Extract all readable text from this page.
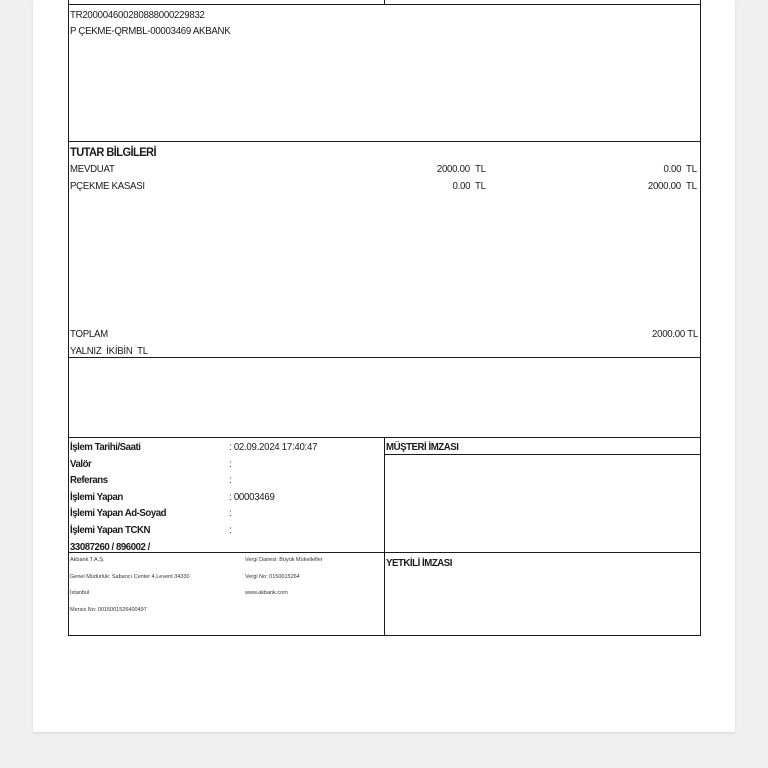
TR200004600280888000229832
P ÇEKME-QRMBL-00003469 AKBANK
TUTAR BİLGİLERİ
MEVDUAT	2000.00 TL	0.00 TL
PÇEKME KASASI	0.00 TL	2000.00 TL
TOPLAM	2000.00 TL
YALNIZ  İKİBİN  TL
İşlem Tarihi/Saati	: 02.09.2024 17:40:47
Valör	:
Referans	:
İşlemi Yapan	: 00003469
İşlemi Yapan Ad-Soyad	:
İşlemi Yapan TCKN	:
33087260 / 896002 /
MÜŞTERİ İMZASI
YETKİLİ İMZASI
Akbank T.A.Ş.
Genel Müdürlük: Sabancı Center 4.Levent 34330
İstanbul
Mersis No: 0015001526400497
Vergi Dairesi: Büyük Mükellefler
Vergi No: 0150015264
www.akbank.com
